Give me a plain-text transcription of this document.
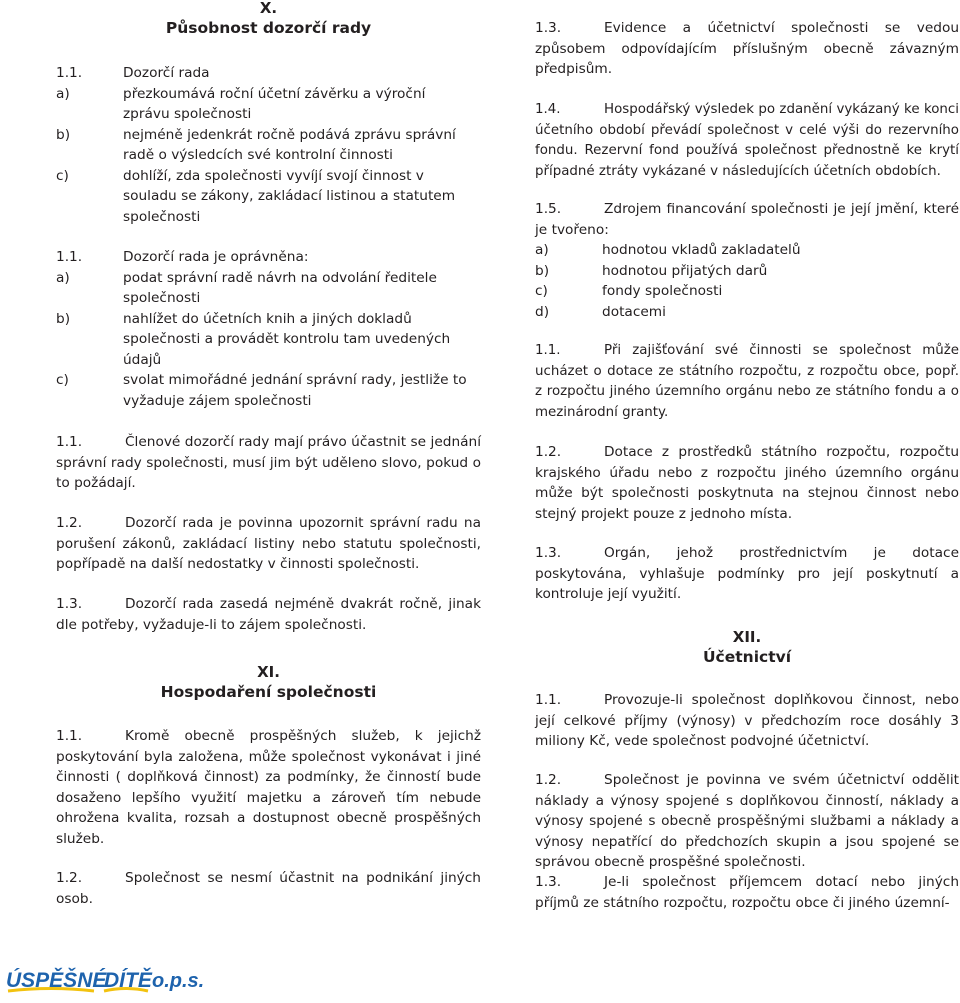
X.

Působnost dozorčí rady

1.1.	Dozorčí rada
a)	přezkoumává roční účetní závěrku a výroční zprávu společnosti
b)	nejméně jedenkrát ročně podává zprávu správní radě o výsledcích své kontrolní činnosti
c)	dohlíží, zda společnosti vyvíjí svojí činnost v souladu se zákony, zakládací listinou a statutem společnosti
1.1.	Dozorčí rada je oprávněna:
a)	podat správní radě návrh na odvolání ředitele společnosti
b)	nahlížet do účetních knih a jiných dokladů společnosti a provádět kontrolu tam uvedených údajů
c)	svolat mimořádné jednání správní rady, jestliže to vyžaduje zájem společnosti

1.1.	Členové dozorčí rady mají právo účastnit se jednání správní rady společnosti, musí jim být uděleno slovo, pokud o to požádají.

1.2.	Dozorčí rada je povinna upozornit správní radu na porušení zákonů, zakládací listiny nebo statutu společnosti, popřípadě na další nedostatky v činnosti společnosti.

1.3.	Dozorčí rada zasedá nejméně dvakrát ročně, jinak dle potřeby, vyžaduje-li to zájem společnosti.

XI.

Hospodaření společnosti

1.1.	Kromě obecně prospěšných služeb, k jejichž poskytování byla založena, může společnost vykonávat i jiné činnosti ( doplňková činnost) za podmínky, že činností bude dosaženo lepšího využití majetku a zároveň tím nebude ohrožena kvalita, rozsah a dostupnost obecně prospěšných služeb.

1.2.	Společnost se nesmí účastnit na podnikání jiných osob.

1.3.	Evidence a účetnictví společnosti se vedou způsobem odpovídajícím příslušným obecně závazným předpisům.

1.4.	Hospodářský výsledek po zdanění vykázaný ke konci účetního období převádí společnost v celé výši do rezervního fondu. Rezervní fond používá společnost přednostně ke krytí případné ztráty vykázané v následujících účetních obdobích.

1.5.	Zdrojem financování společnosti je její jmění, které je tvořeno:

a)	hodnotou vkladů zakladatelů
b)	hodnotou přijatých darů
c)	fondy společnosti
d)	dotacemi

1.1.	Při zajišťování své činnosti se společnost může ucházet o dotace ze státního rozpočtu, z rozpočtu obce, popř. z rozpočtu jiného územního orgánu nebo ze státního fondu a o mezinárodní granty.

1.2.	Dotace z prostředků státního rozpočtu, rozpočtu krajského úřadu nebo z rozpočtu jiného územního orgánu může být společnosti poskytnuta na stejnou činnost nebo stejný projekt pouze z jednoho místa.

1.3.	Orgán, jehož prostřednictvím je dotace poskytována, vyhlašuje podmínky pro její poskytnutí a kontroluje její využití.

XII.

Účetnictví

1.1.	Provozuje-li společnost doplňkovou činnost, nebo její celkové příjmy (výnosy) v předchozím roce dosáhly 3 miliony Kč, vede společnost podvojné účetnictví.

1.2.	Společnost je povinna ve svém účetnictví oddělit náklady a výnosy spojené s doplňkovou činností, náklady a výnosy spojené s obecně prospěšnými službami a náklady a výnosy nepatřící do předchozích skupin a jsou spojené se správou obecně prospěšné společnosti.

1.3.	Je-li společnost příjemcem dotací nebo jiných příjmů ze státního rozpočtu, rozpočtu obce či jiného územní-

ÚSPĚŠNÉ
DÍTĚ o.p.s.
